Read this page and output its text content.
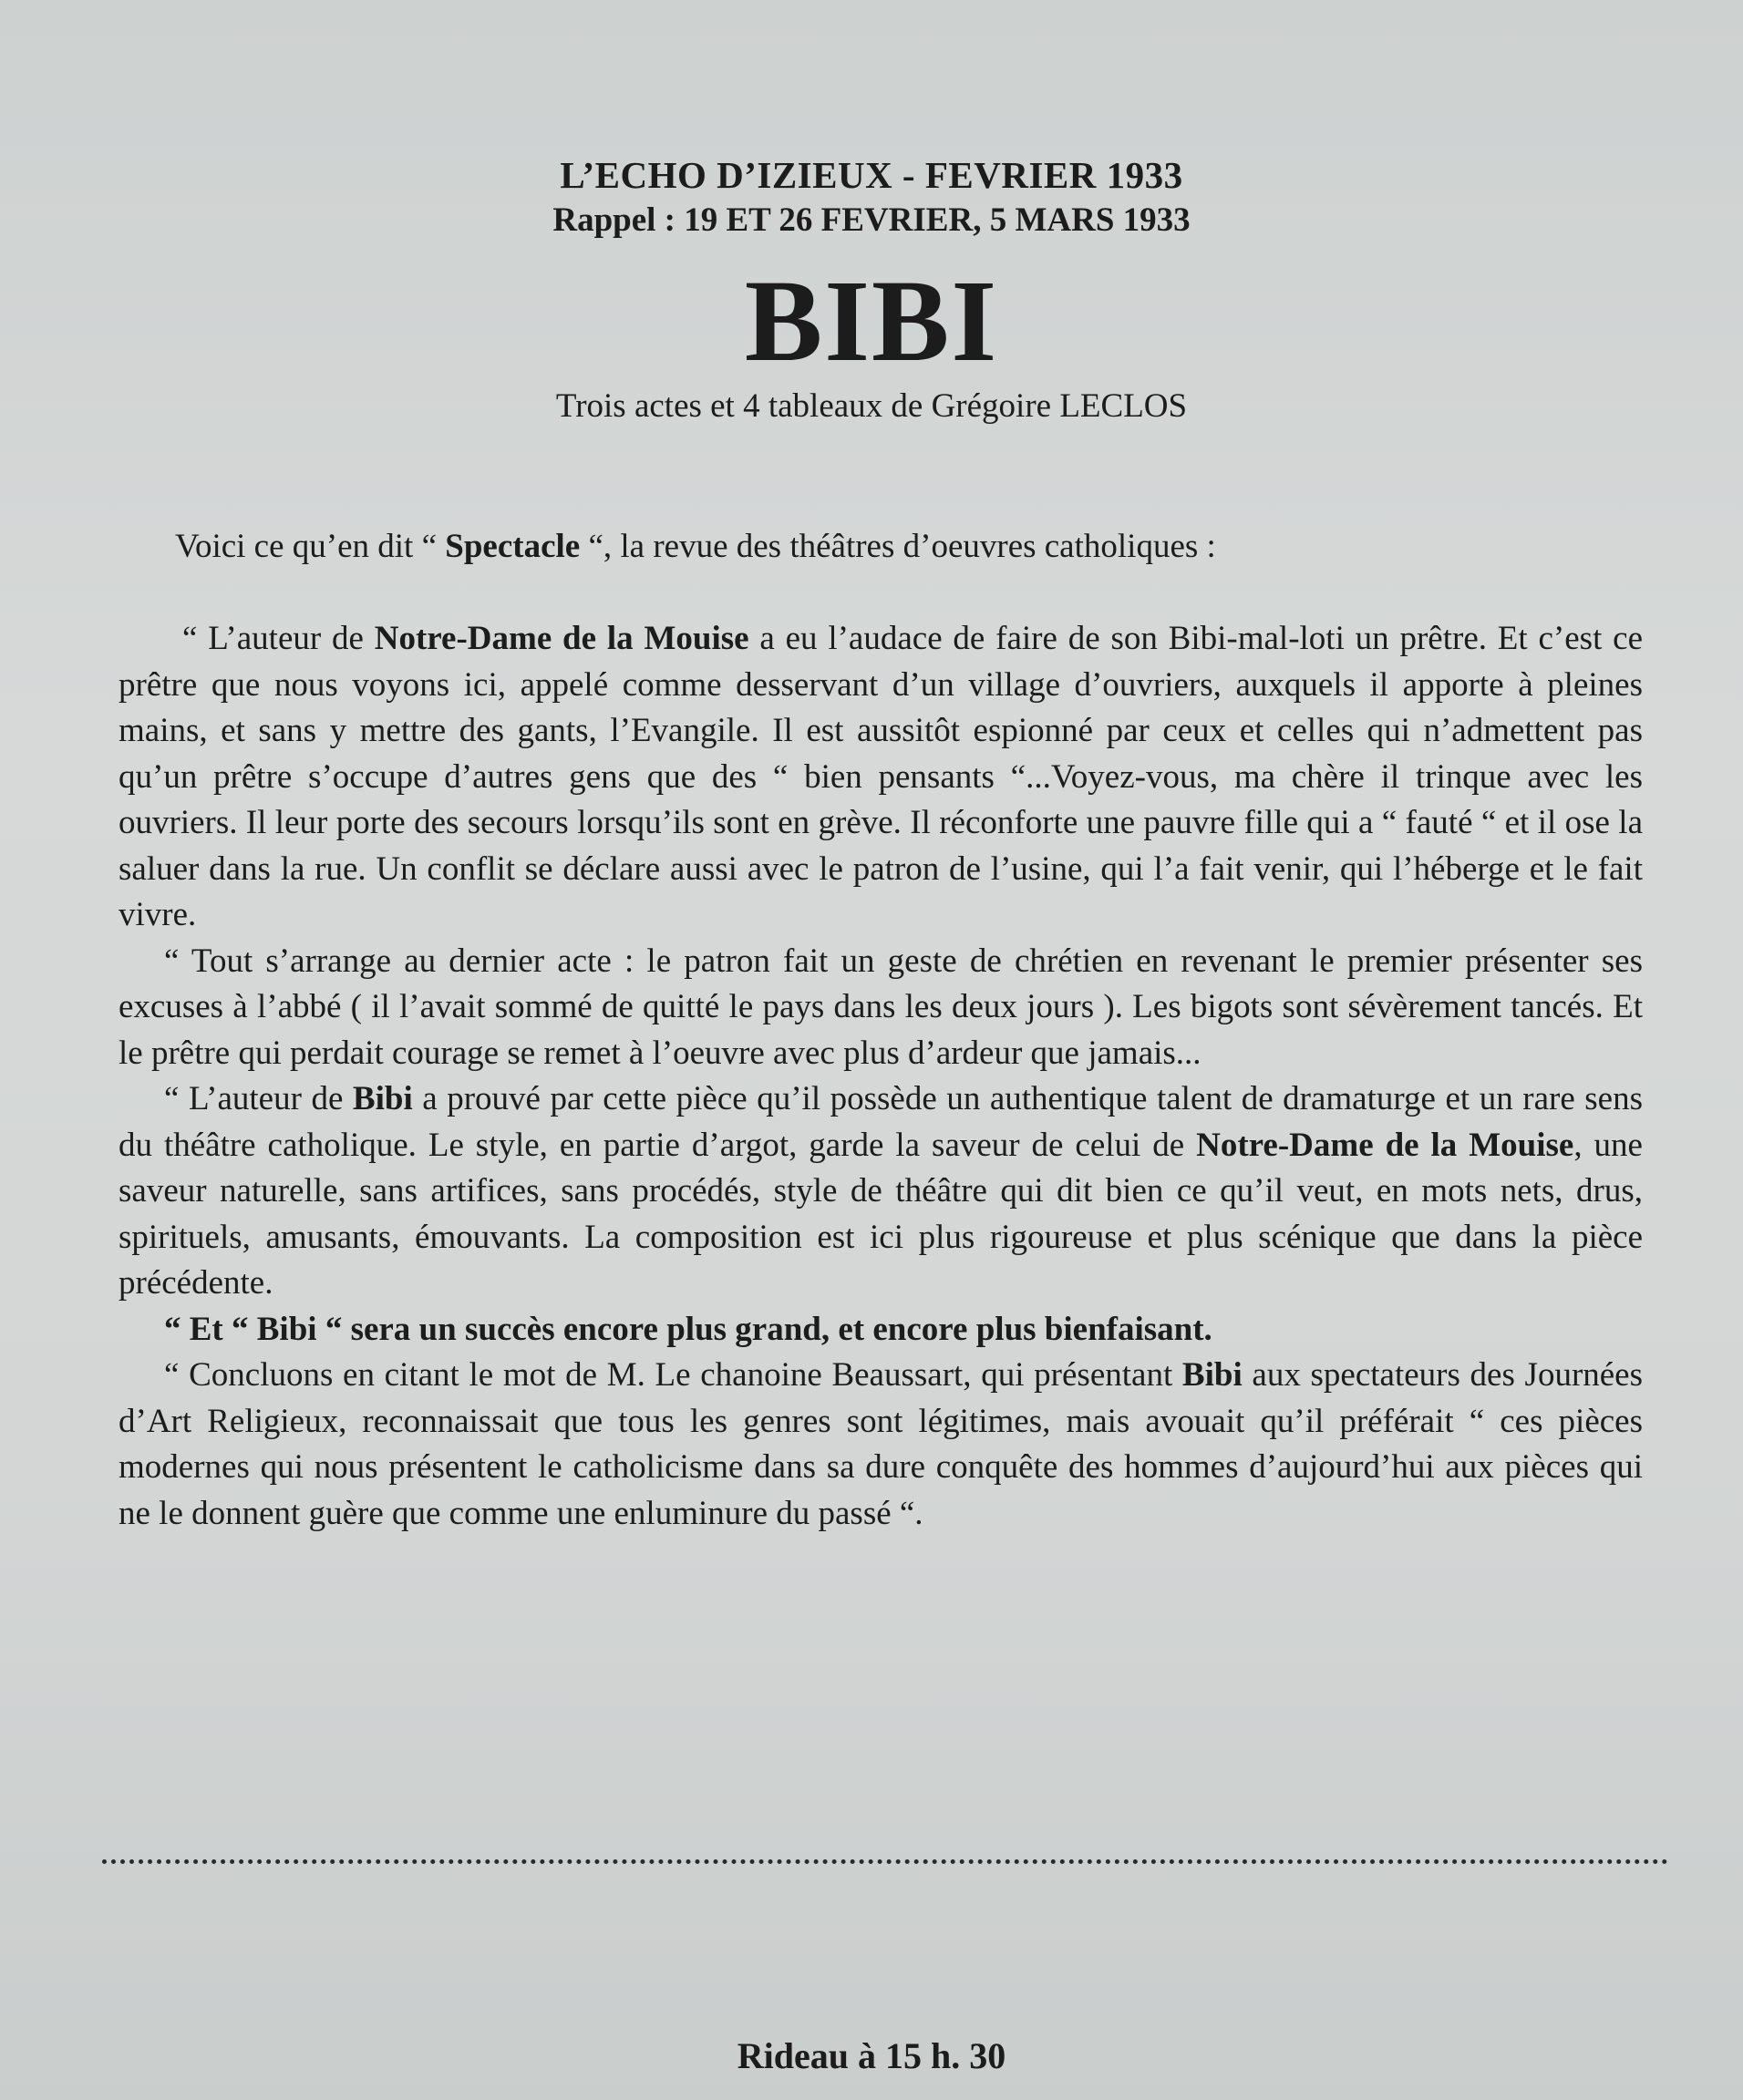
L’ECHO D’IZIEUX - FEVRIER 1933
Rappel : 19 ET 26 FEVRIER, 5 MARS 1933
BIBI
Trois actes et 4 tableaux de Grégoire LECLOS
Voici ce qu’en dit “ Spectacle “, la revue des théâtres d’oeuvres catholiques :

“ L’auteur de Notre-Dame de la Mouise a eu l’audace de faire de son Bibi-mal-loti un prêtre. Et c’est ce prêtre que nous voyons ici, appelé comme desservant d’un village d’ouvriers, auxquels il apporte à pleines mains, et sans y mettre des gants, l’Evangile. Il est aussitôt espionné par ceux et celles qui n’admettent pas qu’un prêtre s’occupe d’autres gens que des “ bien pensants “...Voyez-vous, ma chère il trinque avec les ouvriers. Il leur porte des secours lorsqu’ils sont en grève. Il réconforte une pauvre fille qui a “ fauté “ et il ose la saluer dans la rue. Un conflit se déclare aussi avec le patron de l’usine, qui l’a fait venir, qui l’héberge et le fait vivre.

“ Tout s’arrange au dernier acte : le patron fait un geste de chrétien en revenant le premier présenter ses excuses à l’abbé ( il l’avait sommé de quitté le pays dans les deux jours ). Les bigots sont sévèrement tancés. Et le prêtre qui perdait courage se remet à l’oeuvre avec plus d’ardeur que jamais...

“ L’auteur de Bibi a prouvé par cette pièce qu’il possède un authentique talent de dramaturge et un rare sens du théâtre catholique. Le style, en partie d’argot, garde la saveur de celui de Notre-Dame de la Mouise, une saveur naturelle, sans artifices, sans procédés, style de théâtre qui dit bien ce qu’il veut, en mots nets, drus, spirituels, amusants, émouvants. La composition est ici plus rigoureuse et plus scénique que dans la pièce précédente.

“ Et “ Bibi “ sera un succès encore plus grand, et encore plus bienfaisant.

“ Concluons en citant le mot de M. Le chanoine Beaussart, qui présentant Bibi aux spectateurs des Journées d’Art Religieux, reconnaissait que tous les genres sont légitimes, mais avouait qu’il préférait “ ces pièces modernes qui nous présentent le catholicisme dans sa dure conquête des hommes d’aujourd’hui aux pièces qui ne le donnent guère que comme une enluminure du passé “.

Rideau à 15 h. 30
